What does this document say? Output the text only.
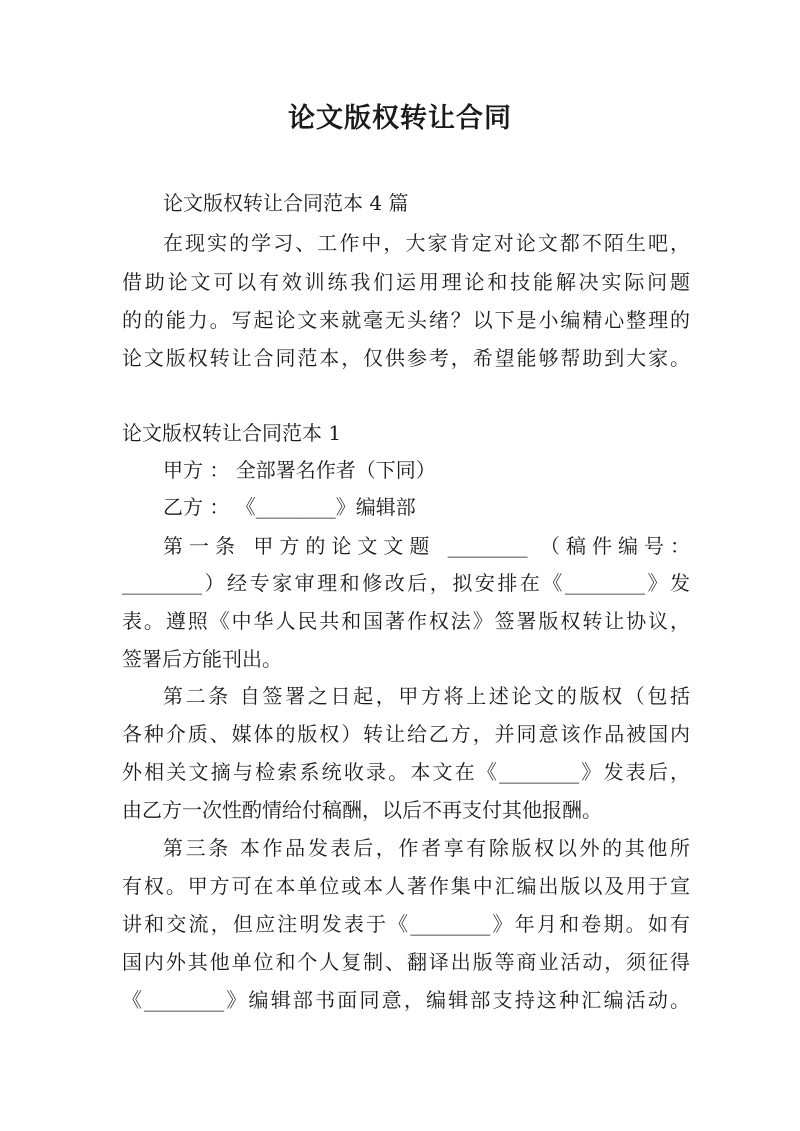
论文版权转让合同
论文版权转让合同范本 4 篇
在现实的学习、工作中，大家肯定对论文都不陌生吧，
借助论文可以有效训练我们运用理论和技能解决实际问题
的的能力。写起论文来就毫无头绪？以下是小编精心整理的
论文版权转让合同范本，仅供参考，希望能够帮助到大家。
论文版权转让合同范本 1
甲方 ： 全部署名作者（下同）
乙方 ： 《________》编辑部
第一条 甲方的论文文题 ________ （稿件编号：
________）经专家审理和修改后，拟安排在《________》发
表。遵照《中华人民共和国著作权法》签署版权转让协议，
签署后方能刊出。
第二条 自签署之日起，甲方将上述论文的版权（包括
各种介质、媒体的版权）转让给乙方，并同意该作品被国内
外相关文摘与检索系统收录。本文在《________》发表后，
由乙方一次性酌情给付稿酬，以后不再支付其他报酬。
第三条 本作品发表后，作者享有除版权以外的其他所
有权。甲方可在本单位或本人著作集中汇编出版以及用于宣
讲和交流，但应注明发表于《________》年月和卷期。如有
国内外其他单位和个人复制、翻译出版等商业活动，须征得
《________》编辑部书面同意，编辑部支持这种汇编活动。
